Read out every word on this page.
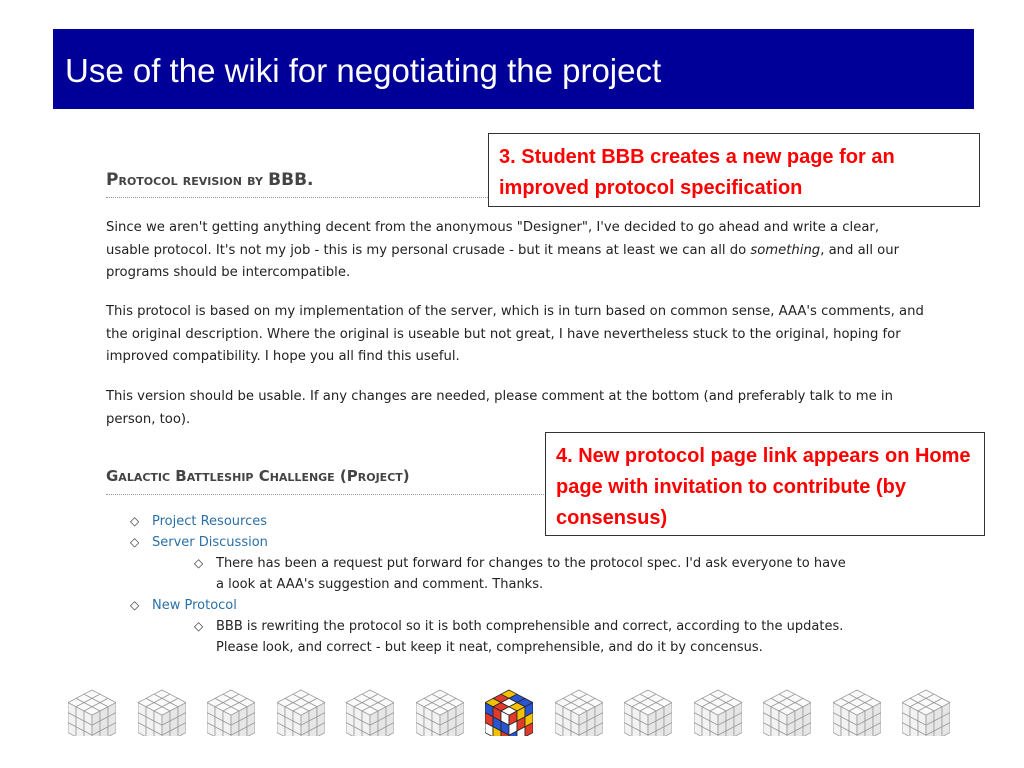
Use of the wiki for negotiating the project
Protocol revision by BBB.

Since we aren't getting anything decent from the anonymous "Designer", I've decided to go ahead and write a clear, usable protocol. It's not my job - this is my personal crusade - but it means at least we can all do something, and all our programs should be intercompatible.

This protocol is based on my implementation of the server, which is in turn based on common sense, AAA's comments, and the original description. Where the original is useable but not great, I have nevertheless stuck to the original, hoping for improved compatibility. I hope you all find this useful.

This version should be usable. If any changes are needed, please comment at the bottom (and preferably talk to me in person, too).

Galactic Battleship Challenge (Project)
◇ Project Resources
◇ Server Discussion
◇ There has been a request put forward for changes to the protocol spec. I'd ask everyone to have a look at AAA's suggestion and comment. Thanks.
◇ New Protocol
◇ BBB is rewriting the protocol so it is both comprehensible and correct, according to the updates. Please look, and correct - but keep it neat, comprehensible, and do it by concensus.
3. Student BBB creates a new page for an improved protocol specification
4. New protocol page link appears on Home page with invitation to contribute (by consensus)
